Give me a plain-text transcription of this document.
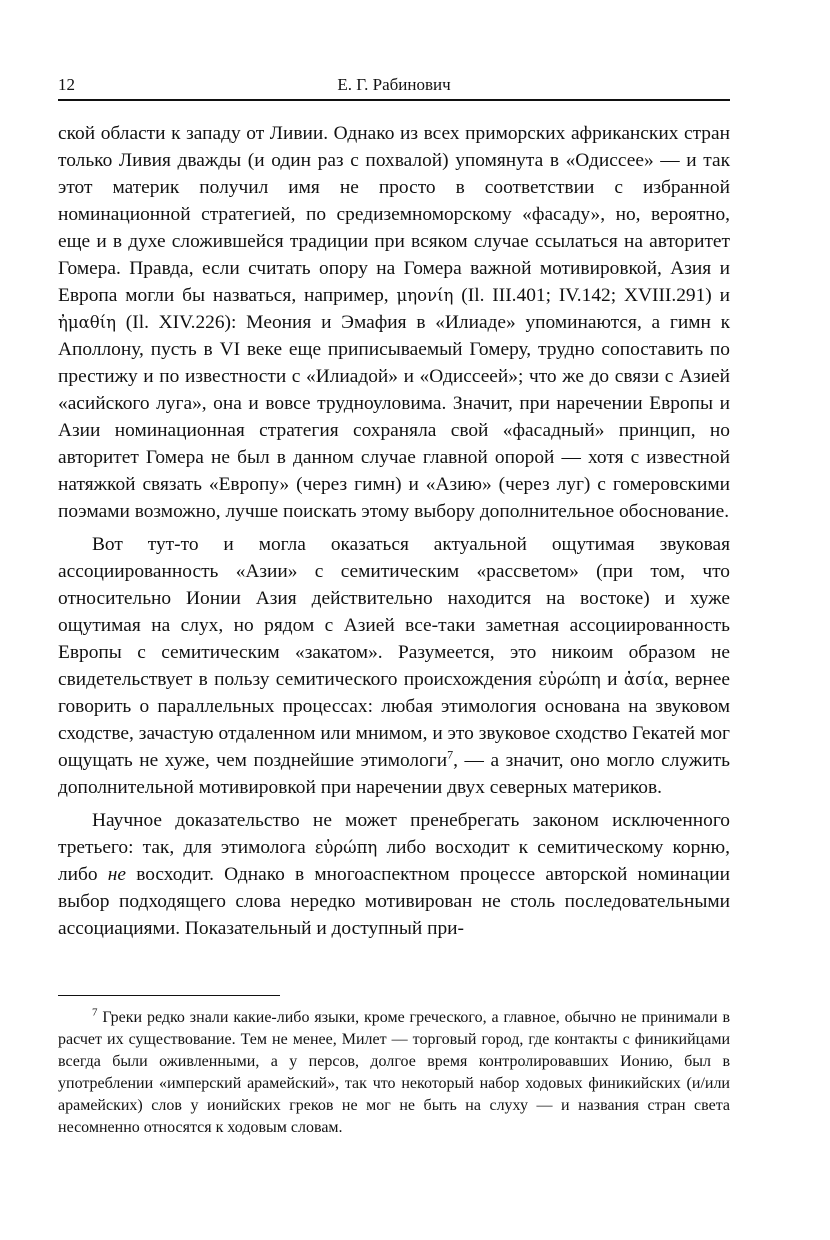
12	Е. Г. Рабинович

ской области к западу от Ливии. Однако из всех приморских африканских стран только Ливия дважды (и один раз с похвалой) упомянута в «Одиссее» — и так этот материк получил имя не просто в соответствии с избранной номинационной стратегией, по средиземноморскому «фасаду», но, вероятно, еще и в духе сложившейся традиции при всяком случае ссылаться на авторитет Гомера. Правда, если считать опору на Гомера важной мотивировкой, Азия и Европа могли бы назваться, например, μηονίη (Il. III.401; IV.142; XVIII.291) и ἠμαθίη (Il. XIV.226): Мeония и Эмафия в «Илиаде» упоминаются, а гимн к Аполлону, пусть в VI веке еще приписываемый Гомеру, трудно сопоставить по престижу и по известности с «Илиадой» и «Одиссеей»; что же до связи с Азией «асийского луга», она и вовсе трудноуловима. Значит, при наречении Европы и Азии номинационная стратегия сохраняла свой «фасадный» принцип, но авторитет Гомера не был в данном случае главной опорой — хотя с известной натяжкой связать «Европу» (через гимн) и «Азию» (через луг) с гомеровскими поэмами возможно, лучше поискать этому выбору дополнительное обоснование.

Вот тут-то и могла оказаться актуальной ощутимая звуковая ассоциированность «Азии» с семитическим «рассветом» (при том, что относительно Ионии Азия действительно находится на востоке) и хуже ощутимая на слух, но рядом с Азией все-таки заметная ассоциированность Европы с семитическим «закатом». Разумеется, это никоим образом не свидетельствует в пользу семитического происхождения εὐρώπη и ἀσία, вернее говорить о параллельных процессах: любая этимология основана на звуковом сходстве, зачастую отдаленном или мнимом, и это звуковое сходство Гекатей мог ощущать не хуже, чем позднейшие этимологи$^7$, — а значит, оно могло служить дополнительной мотивировкой при наречении двух северных материков.

Научное доказательство не может пренебрегать законом исключенного третьего: так, для этимолога εὐρώπη либо восходит к семитическому корню, либо не восходит. Однако в многоаспектном процессе авторской номинации выбор подходящего слова нередко мотивирован не столь последовательными ассоциациями. Показательный и доступный при-

$^7$ Греки редко знали какие-либо языки, кроме греческого, а главное, обычно не принимали в расчет их существование. Тем не менее, Милет — торговый город, где контакты с финикийцами всегда были оживленными, а у персов, долгое время контролировавших Ионию, был в употреблении «имперский арамейский», так что некоторый набор ходовых финикийских (и/или арамейских) слов у ионийских греков не мог не быть на слуху — и названия стран света несомненно относятся к ходовым словам.
